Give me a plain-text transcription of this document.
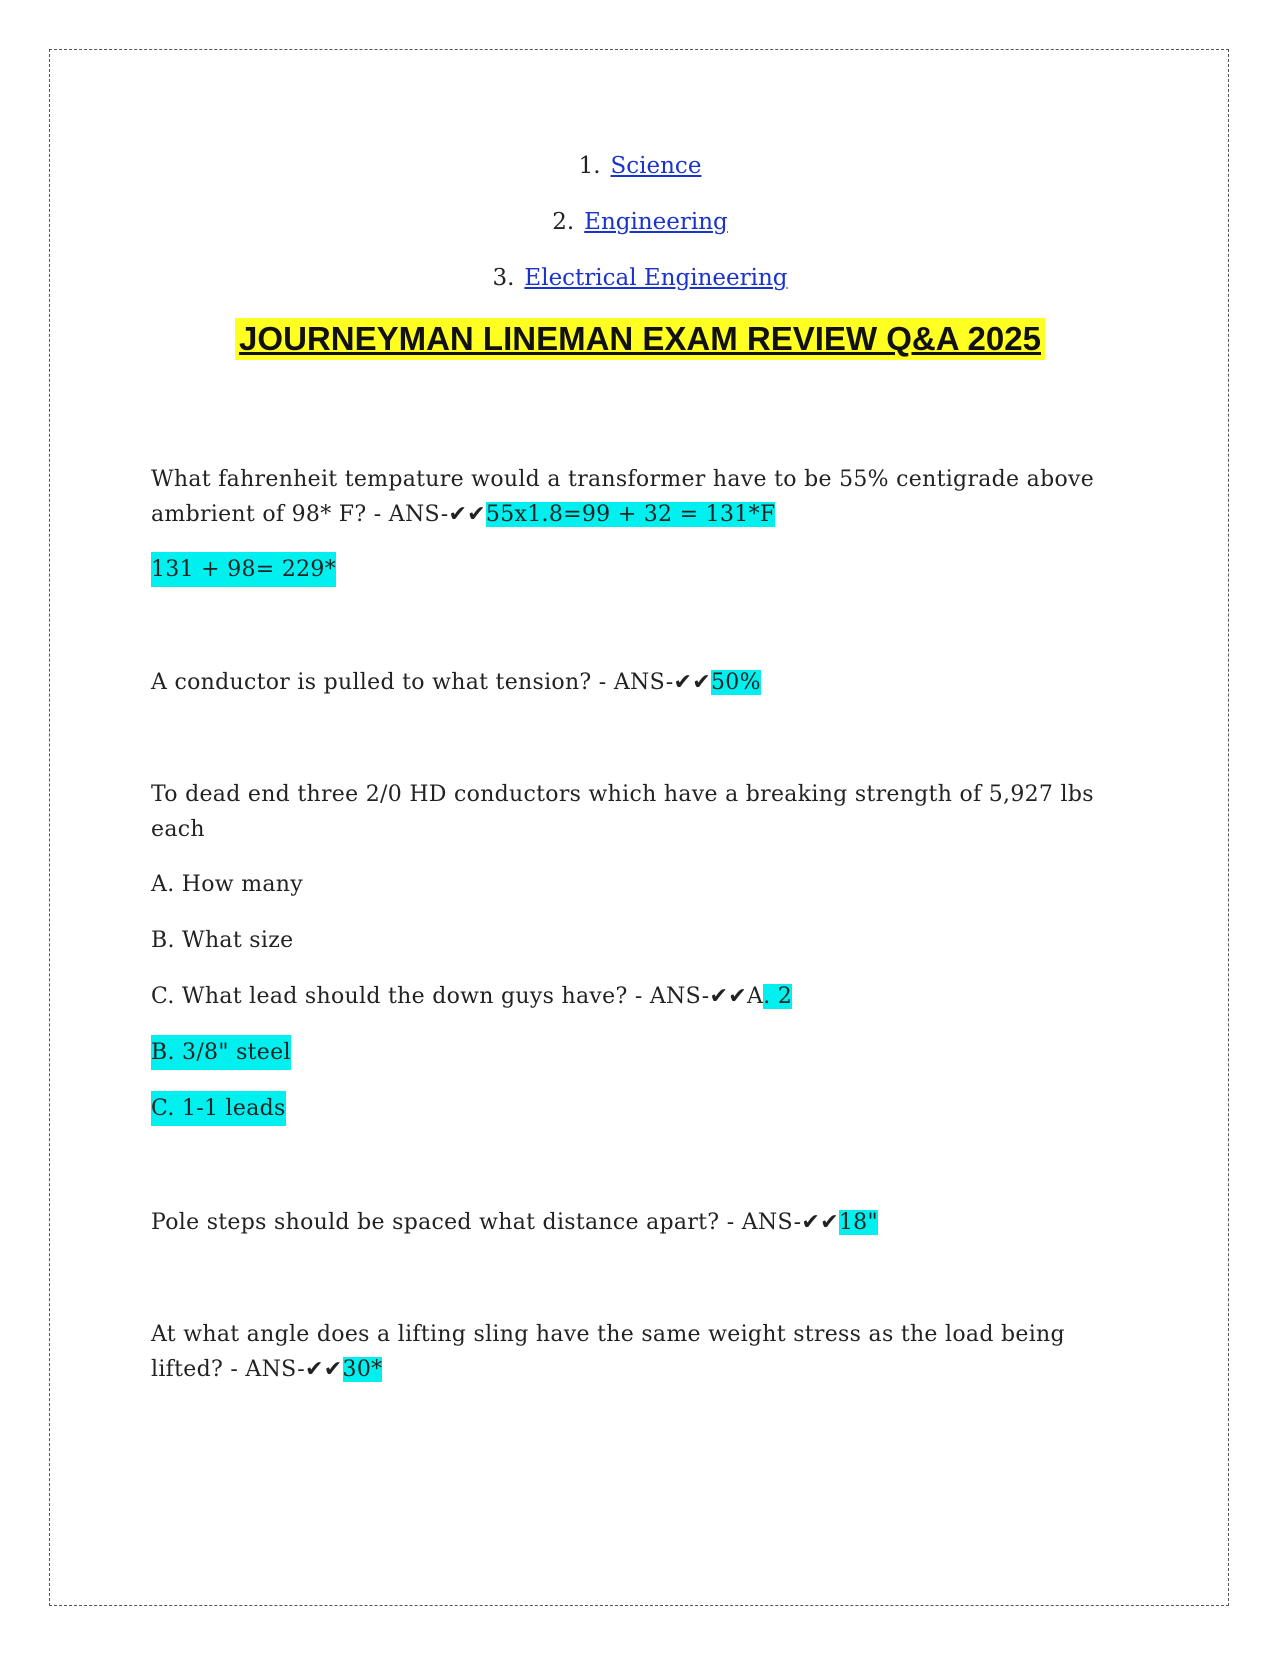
1. Science
2. Engineering
3. Electrical Engineering
JOURNEYMAN LINEMAN EXAM REVIEW Q&A 2025
What fahrenheit tempature would a transformer have to be 55% centigrade above ambrient of 98* F? - ANS-✔✔55x1.8=99 + 32 = 131*F
131 + 98= 229*
A conductor is pulled to what tension? - ANS-✔✔50%
To dead end three 2/0 HD conductors which have a breaking strength of 5,927 lbs each
A. How many
B. What size
C. What lead should the down guys have? - ANS-✔✔A. 2
B. 3/8" steel
C. 1-1 leads
Pole steps should be spaced what distance apart? - ANS-✔✔18"
At what angle does a lifting sling have the same weight stress as the load being lifted? - ANS-✔✔30*
